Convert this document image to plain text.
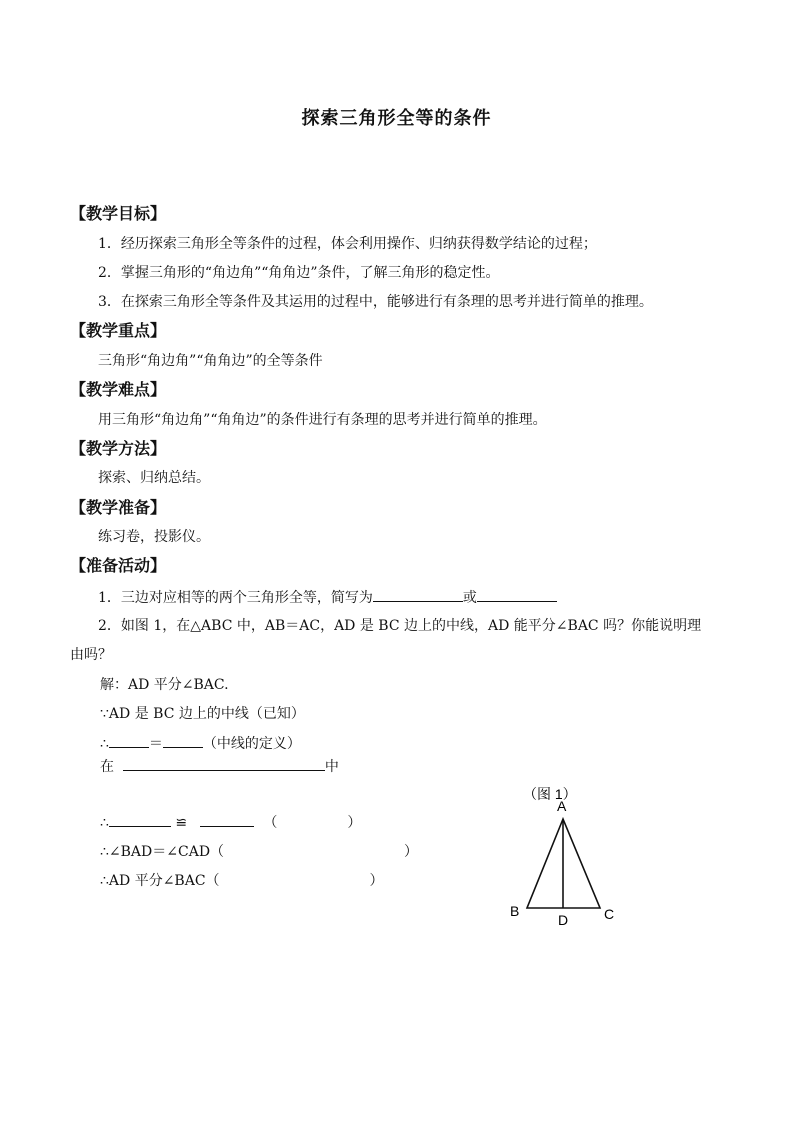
探索三角形全等的条件
【教学目标】
1．经历探索三角形全等条件的过程，体会利用操作、归纳获得数学结论的过程；
2．掌握三角形的“角边角”“角角边”条件，了解三角形的稳定性。
3．在探索三角形全等条件及其运用的过程中，能够进行有条理的思考并进行简单的推理。
【教学重点】
三角形“角边角”“角角边”的全等条件
【教学难点】
用三角形“角边角”“角角边”的条件进行有条理的思考并进行简单的推理。
【教学方法】
探索、归纳总结。
【教学准备】
练习卷，投影仪。
【准备活动】
1．三边对应相等的两个三角形全等，简写为	或
2．如图 1，在△ABC 中，AB＝AC，AD 是 BC 边上的中线，AD 能平分∠BAC 吗？你能说明理
由吗？
解：AD 平分∠BAC.
∵AD 是 BC 边上的中线（已知）
∴	＝	（中线的定义）
在	中
∴	≌	（	）
∴∠BAD＝∠CAD（	）
∴AD 平分∠BAC（	）
（图 1）
A
B
D	C
